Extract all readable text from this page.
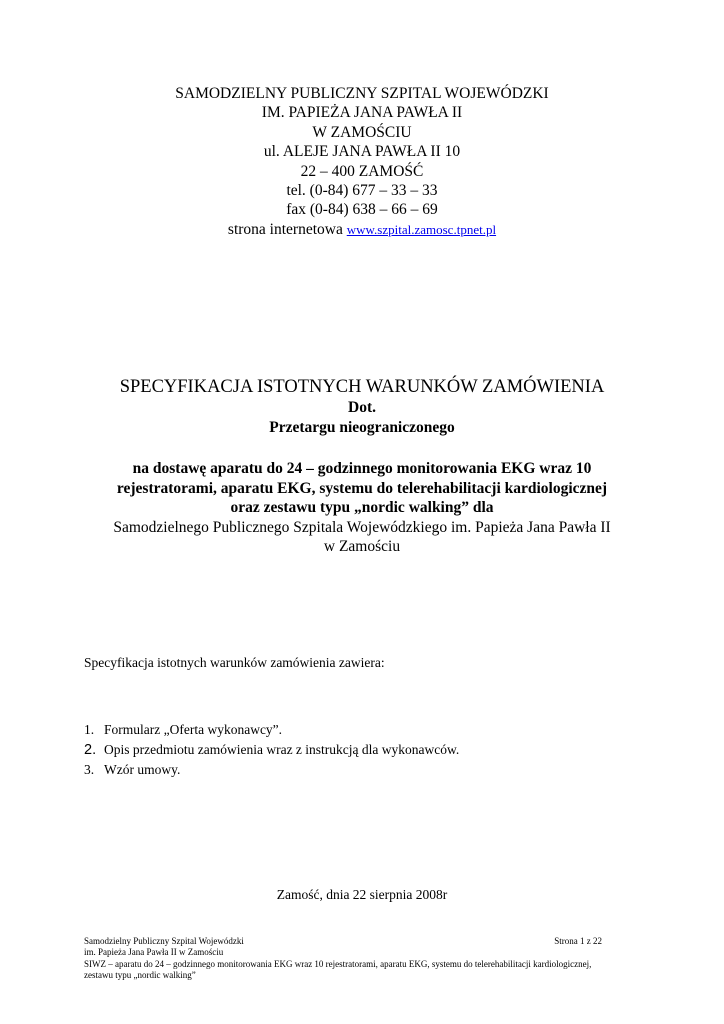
SAMODZIELNY PUBLICZNY SZPITAL WOJEWÓDZKI
IM. PAPIEŻA JANA PAWŁA II
W ZAMOŚCIU
ul. ALEJE JANA PAWŁA II 10
22 – 400 ZAMOŚĆ
tel. (0-84) 677 – 33 – 33
fax (0-84) 638 – 66 – 69
strona internetowa www.szpital.zamosc.tpnet.pl
SPECYFIKACJA ISTOTNYCH WARUNKÓW ZAMÓWIENIA
Dot.
Przetargu nieograniczonego
na dostawę aparatu do 24 – godzinnego monitorowania EKG wraz 10
rejestratorami, aparatu EKG, systemu do telerehabilitacji kardiologicznej
oraz zestawu typu „nordic walking” dla
Samodzielnego Publicznego Szpitala Wojewódzkiego im. Papieża Jana Pawła II
w Zamościu
Specyfikacja istotnych warunków zamówienia zawiera:
1. Formularz „Oferta wykonawcy”.
2. Opis przedmiotu zamówienia wraz z instrukcją dla wykonawców.
3. Wzór umowy.
Zamość, dnia 22 sierpnia 2008r
Samodzielny Publiczny Szpital Wojewódzki	Strona 1 z 22
im. Papieża Jana Pawła II w Zamościu
SIWZ – aparatu do 24 – godzinnego monitorowania EKG wraz 10 rejestratorami, aparatu EKG, systemu do telerehabilitacji kardiologicznej,
zestawu typu „nordic walking”
